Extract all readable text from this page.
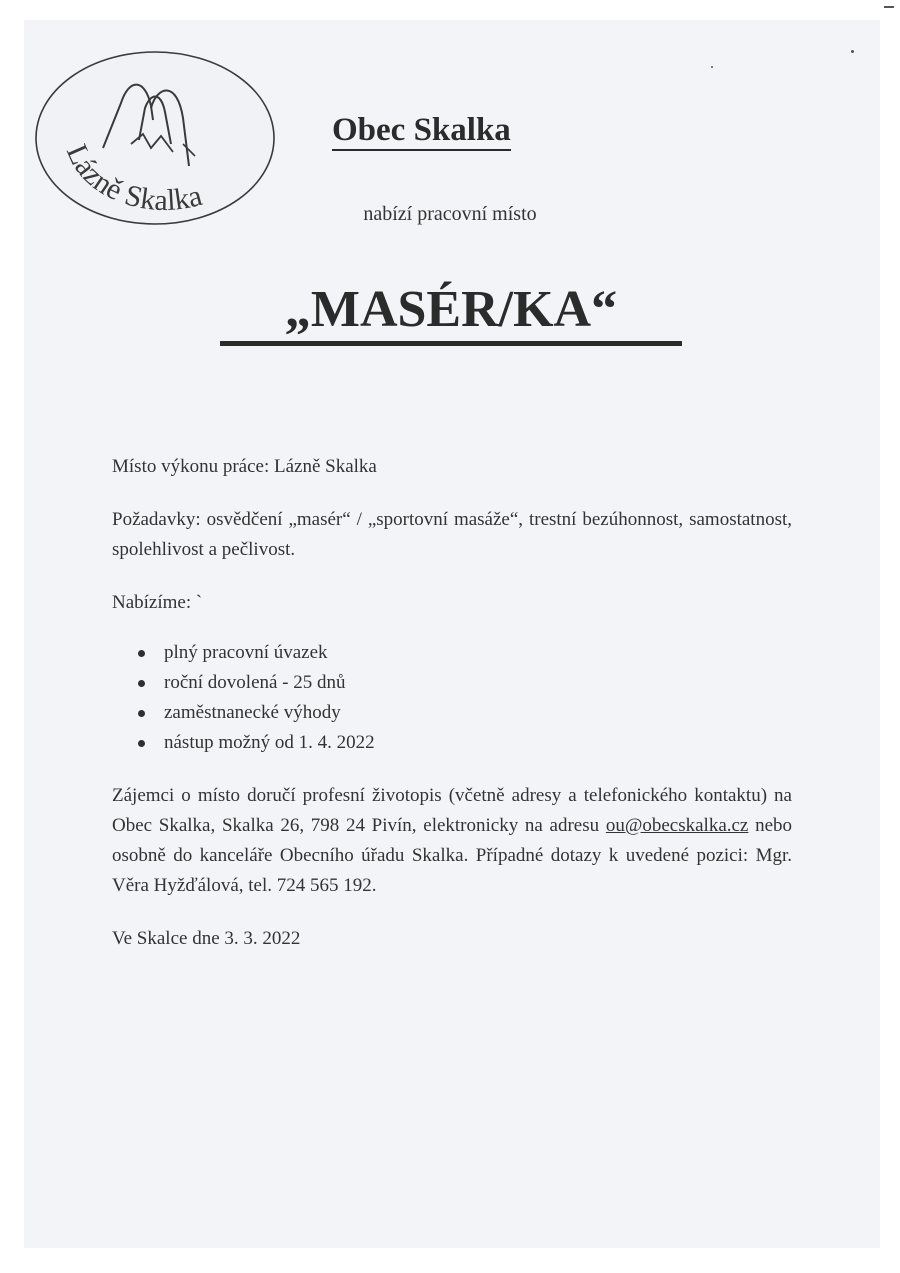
Lázně Skalka
Obec Skalka
nabízí pracovní místo
„MASÉR/KA“
Místo výkonu práce: Lázně Skalka
Požadavky: osvědčení „masér“ / „sportovní masáže“, trestní bezúhonnost, samostatnost, spolehlivost a pečlivost.
Nabízíme: `
plný pracovní úvazek
roční dovolená - 25 dnů
zaměstnanecké výhody
nástup možný od 1. 4. 2022
Zájemci o místo doručí profesní životopis (včetně adresy a telefonického kontaktu) na Obec Skalka, Skalka 26, 798 24 Pivín, elektronicky na adresu ou@obecskalka.cz nebo osobně do kanceláře Obecního úřadu Skalka. Případné dotazy k uvedené pozici: Mgr. Věra Hyžďálová, tel. 724 565 192.
Ve Skalce dne 3. 3. 2022
